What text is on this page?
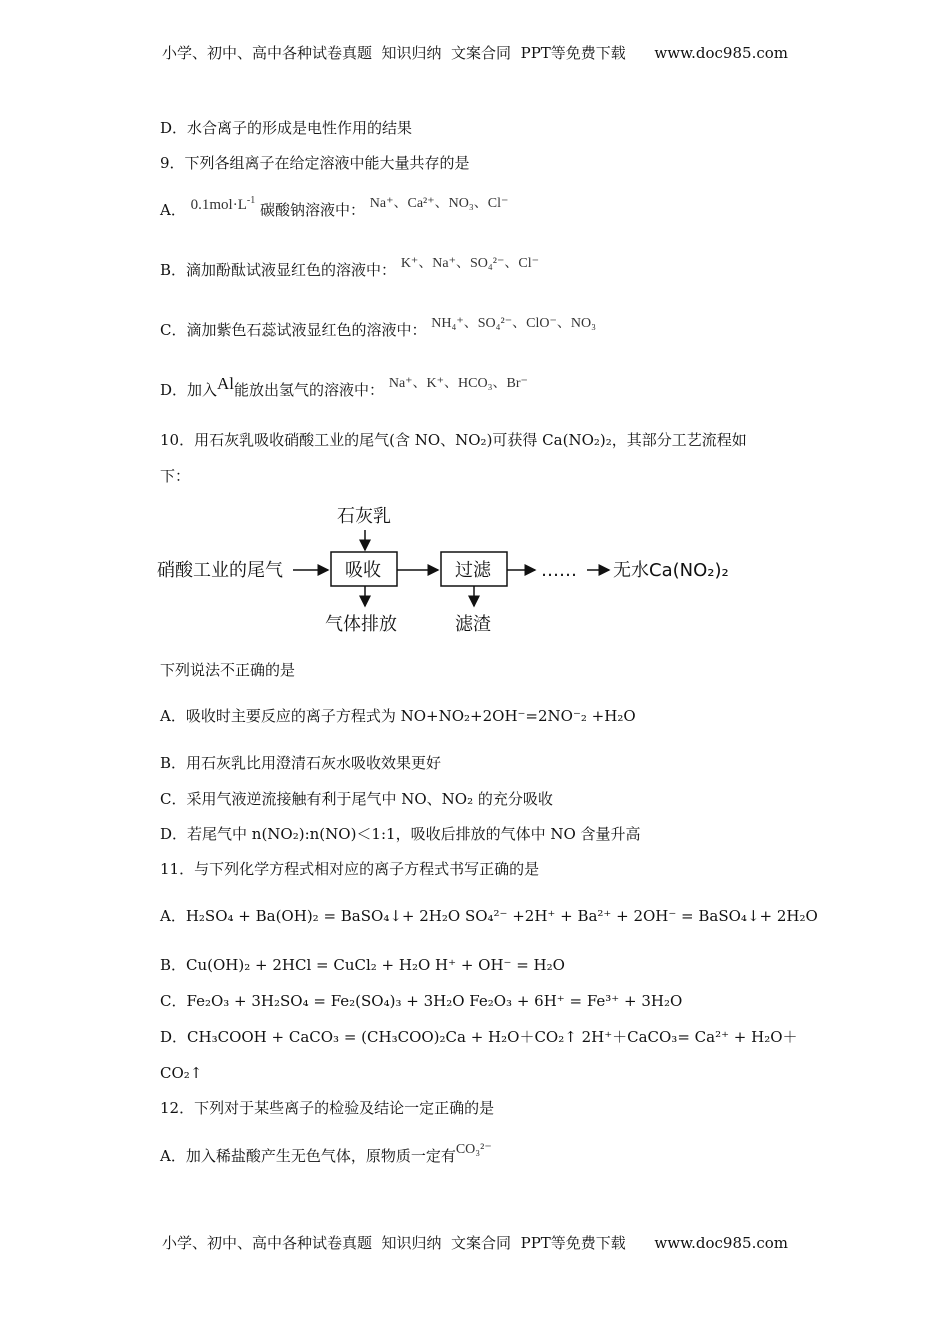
小学、初中、高中各种试卷真题  知识归纳  文案合同  PPT等免费下载      www.doc985.com
D．水合离子的形成是电性作用的结果
9．下列各组离子在给定溶液中能大量共存的是
A． $0.1mol\cdot L^{-1}$ 碳酸钠溶液中： Na⁺、Ca²⁺、NO₃、Cl⁻
B．滴加酚酞试液显红色的溶液中： K⁺、Na⁺、SO₄²⁻、Cl⁻
C．滴加紫色石蕊试液显红色的溶液中： NH₄⁺、SO₄²⁻、ClO⁻、NO₃
D．加入Al能放出氢气的溶液中： Na⁺、K⁺、HCO₃、Br⁻
10．用石灰乳吸收硝酸工业的尾气(含 NO、NO₂)可获得 Ca(NO₂)₂，其部分工艺流程如
下：
石灰乳
硝酸工业的尾气	吸收	过滤	…… 无水Ca(NO₂)₂
气体排放	滤渣
下列说法不正确的是
A．吸收时主要反应的离子方程式为 NO+NO₂+2OH⁻=2NO⁻₂ +H₂O
B．用石灰乳比用澄清石灰水吸收效果更好
C．采用气液逆流接触有利于尾气中 NO、NO₂ 的充分吸收
D．若尾气中 n(NO₂):n(NO)＜1:1，吸收后排放的气体中 NO 含量升高
11．与下列化学方程式相对应的离子方程式书写正确的是
A．H₂SO₄ + Ba(OH)₂ = BaSO₄↓+ 2H₂O SO₄²⁻ +2H⁺ + Ba²⁺ + 2OH⁻ = BaSO₄↓+ 2H₂O
B．Cu(OH)₂ + 2HCl = CuCl₂ + H₂O H⁺ + OH⁻ = H₂O
C．Fe₂O₃ + 3H₂SO₄ = Fe₂(SO₄)₃ + 3H₂O Fe₂O₃ + 6H⁺ = Fe³⁺ + 3H₂O
D．CH₃COOH + CaCO₃ = (CH₃COO)₂Ca + H₂O＋CO₂↑ 2H⁺＋CaCO₃= Ca²⁺ + H₂O＋
CO₂↑
12．下列对于某些离子的检验及结论一定正确的是
A．加入稀盐酸产生无色气体，原物质一定有CO₃²⁻
小学、初中、高中各种试卷真题  知识归纳  文案合同  PPT等免费下载      www.doc985.com
